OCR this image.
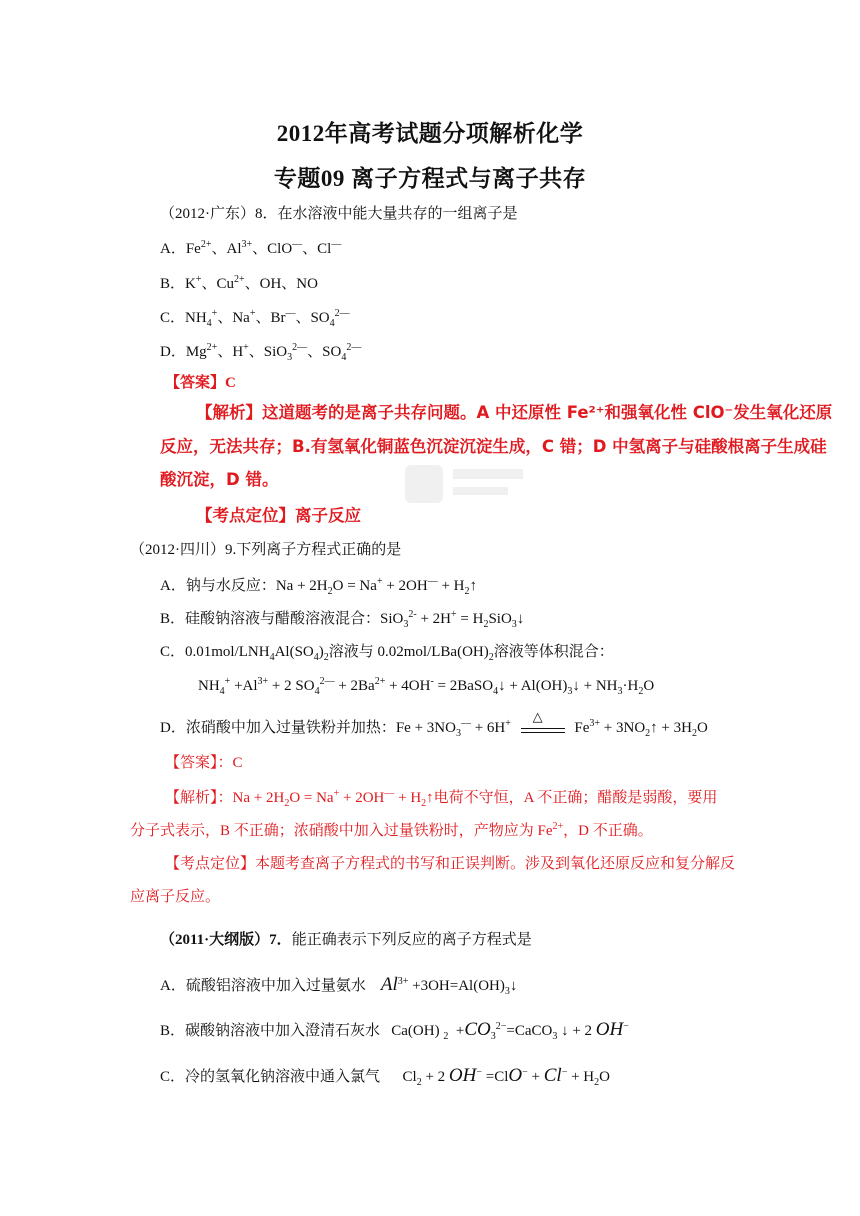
2012年高考试题分项解析化学
专题09 离子方程式与离子共存
（2012·广东）8．在水溶液中能大量共存的一组离子是
A．$Fe^{2+}$、$Al^{3+}$、ClO—、Cl—
B．K+、$Cu^{2+}$、OH、NO
C．$NH_4^+$、Na+、Br—、$SO_4^{2—}$
D．$Mg^{2+}$、H+、SiO$_3^{2—}$、$SO_4^{2—}$
【答案】C
【解析】这道题考的是离子共存问题。A 中还原性 Fe²⁺和强氧化性 ClO⁻发生氧化还原
反应，无法共存；B.有氢氧化铜蓝色沉淀沉淀生成，C 错；D 中氢离子与硅酸根离子生成硅
酸沉淀，D 错。
【考点定位】离子反应
（2012·四川）9.下列离子方程式正确的是
A．钠与水反应：$Na + 2H_2O = Na^+ + 2OH^—$ + $H_2↑$
B．硅酸钠溶液与醋酸溶液混合：$SiO_3^{2-} + 2H^+ = H_2SiO_3↓$
C．$0.01mol/LNH_4Al(SO_4)_2$溶液与 $0.02mol/LBa(OH)_2$溶液等体积混合：
$NH_4^+ +Al^{3+} + 2$ $SO_4^{2—} + 2Ba^{2+} + 4OH^-$ = 2BaSO$_4$↓ + $Al(OH)_3↓ + NH_3\cdot H_2O$
D．浓硝酸中加入过量铁粉并加热：$Fe + 3NO_3^— + 6H^+$ △
$Fe^{3+}$ + $3NO_2↑ + 3H_2O$
【答案】：C
【解析】：$Na + 2H_2O = Na^+ + 2OH^—$ + $H_2↑$电荷不守恒，A 不正确；醋酸是弱酸，要用
分子式表示，B 不正确；浓硝酸中加入过量铁粉时，产物应为 $Fe^{2+}$，D 不正确。
【考点定位】本题考查离子方程式的书写和正误判断。涉及到氧化还原反应和复分解反
应离子反应。
（2011·大纲版）7．能正确表示下列反应的离子方程式是
A．硫酸铝溶液中加入过量氨水 $Al^{3+}$ $+3OH=Al(OH)_3↓$
B．碳酸钠溶液中加入澄清石灰水 Ca(OH) $_2 +CO_3^{2-}=CaCO_3$ ↓ + 2 OH−
C．冷的氢氧化钠溶液中通入氯气 $Cl_2 + 2$ $OH^- =ClO^- + Cl^- + H_2O$
